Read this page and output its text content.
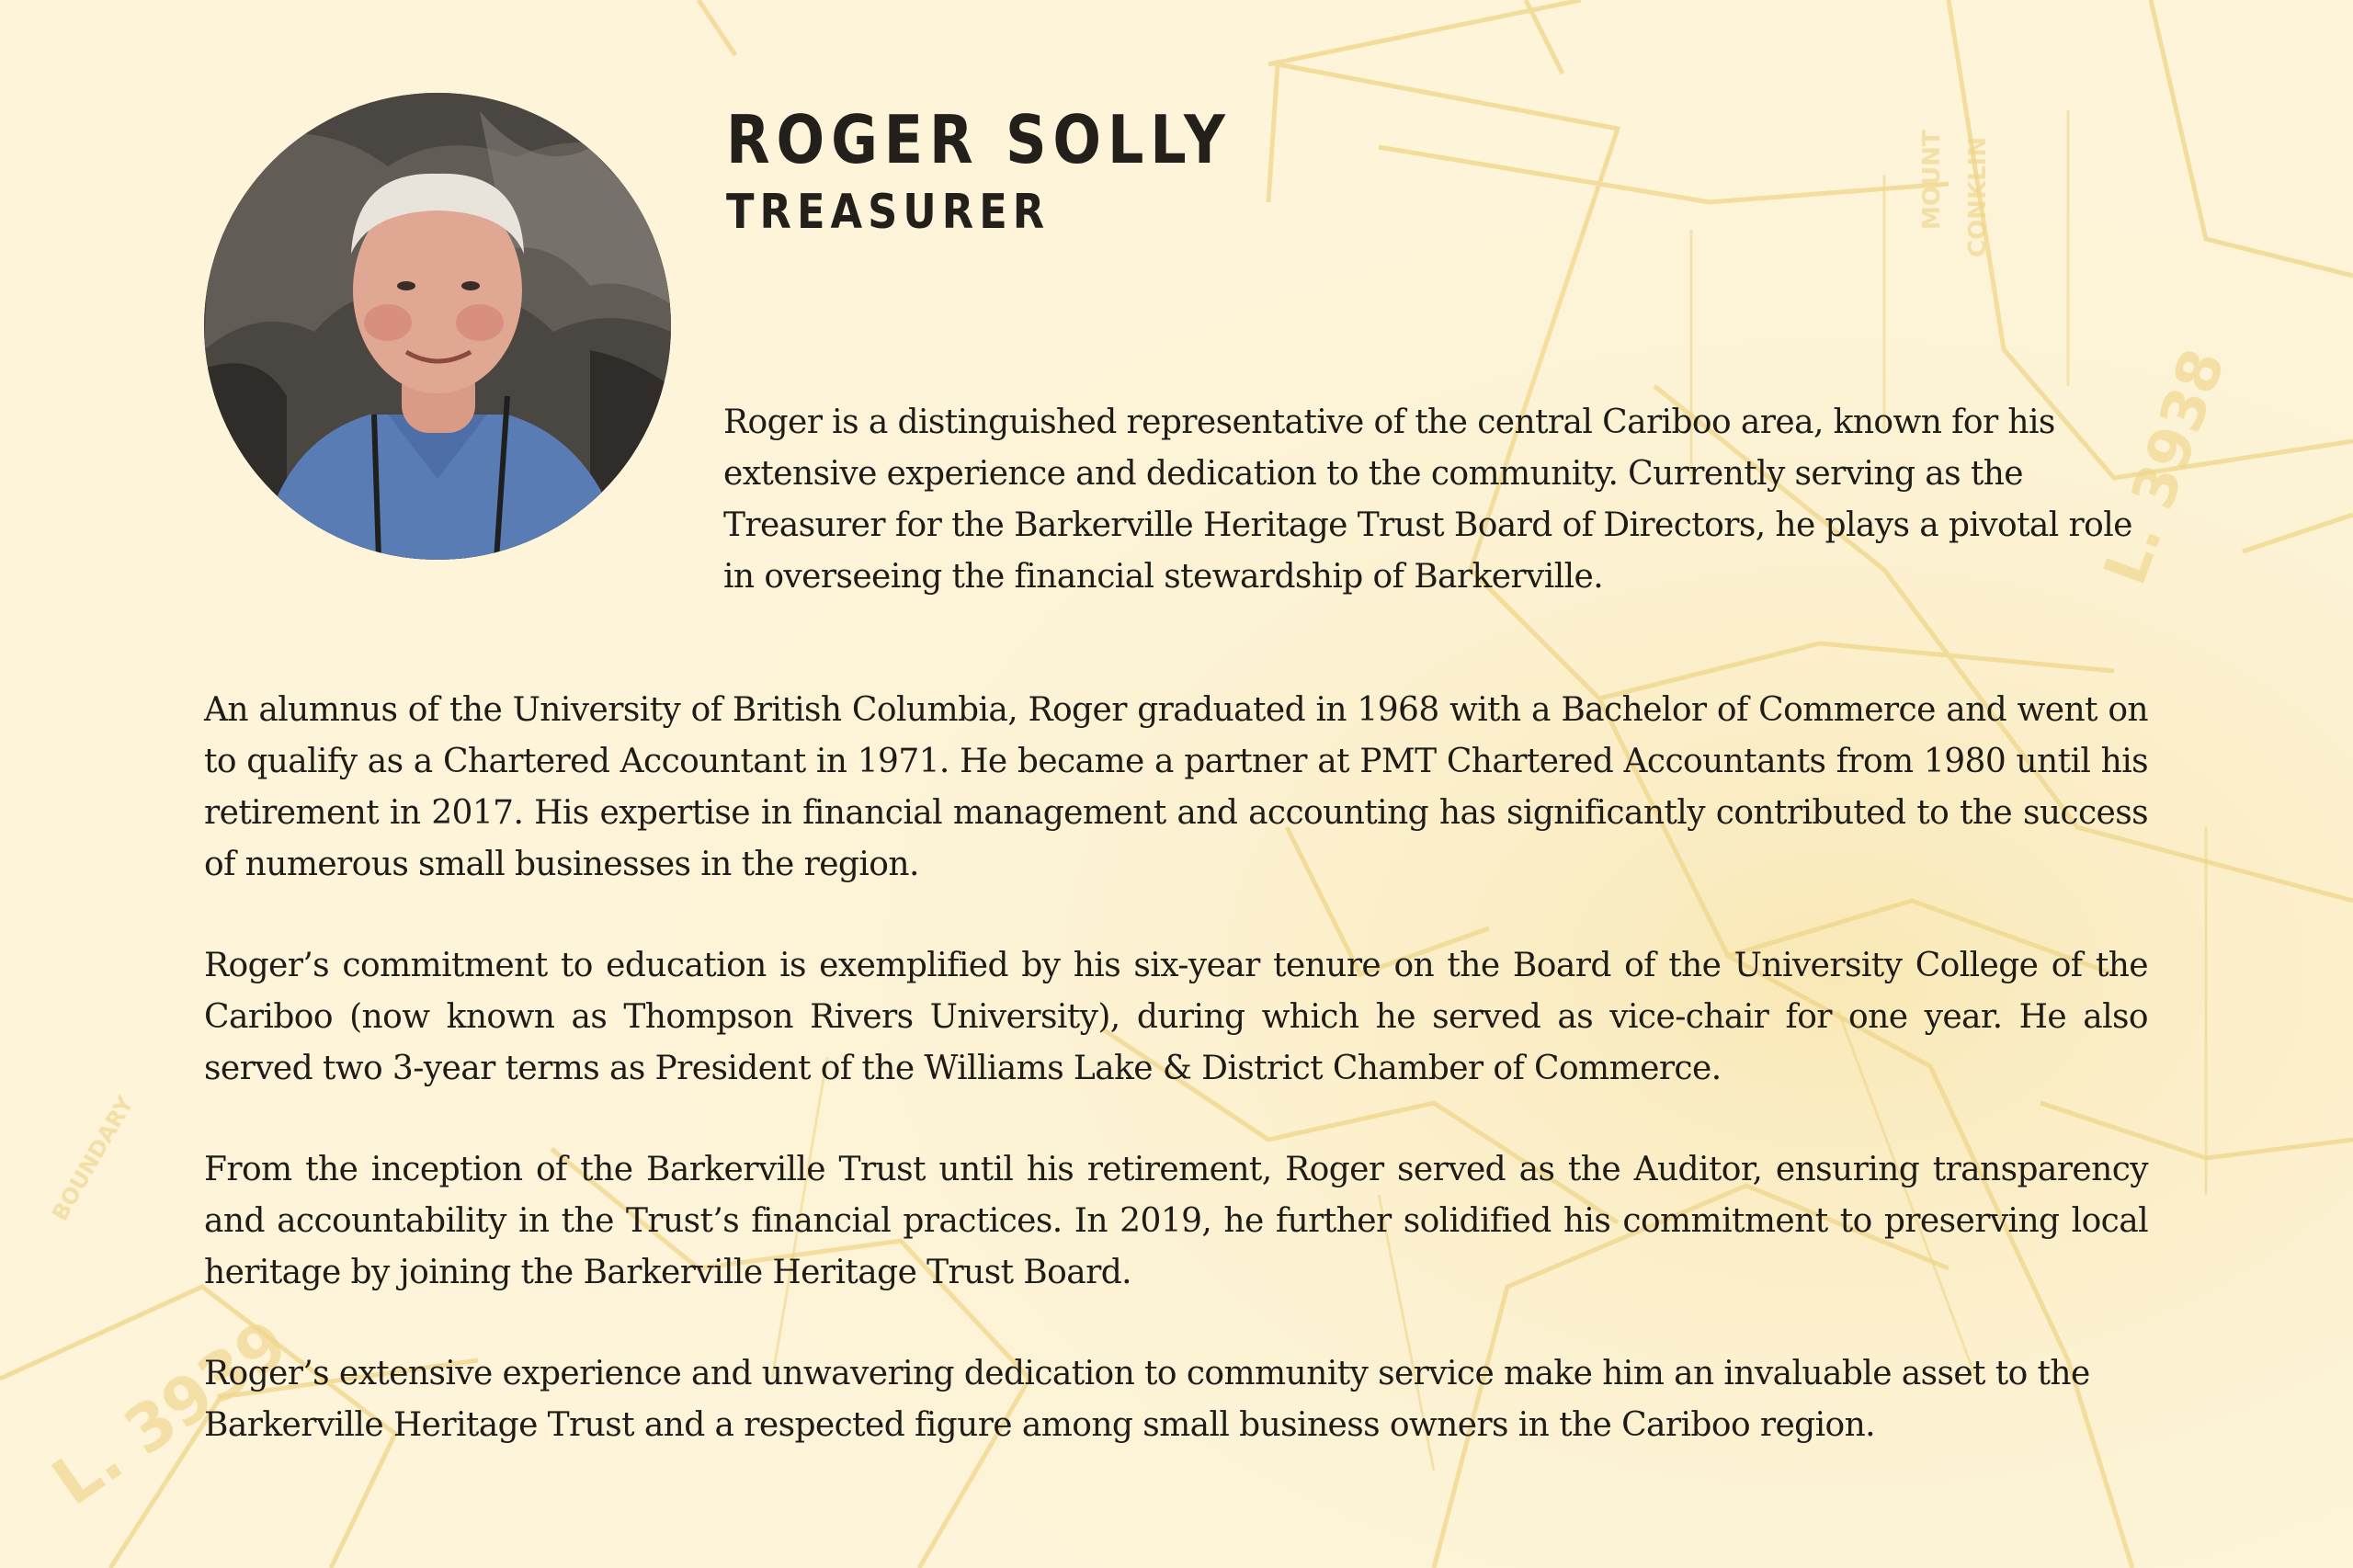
L. 3938
L. 3939
MOUNT CONKLIN
BOUNDARY
ROGER SOLLY
TREASURER

Roger is a distinguished representative of the central Cariboo area, known for his extensive experience and dedication to the community. Currently serving as the Treasurer for the Barkerville Heritage Trust Board of Directors, he plays a pivotal role in overseeing the financial stewardship of Barkerville.

An alumnus of the University of British Columbia, Roger graduated in 1968 with a Bachelor of Commerce and went on to qualify as a Chartered Accountant in 1971. He became a partner at PMT Chartered Accountants from 1980 until his retirement in 2017. His expertise in financial management and accounting has significantly contributed to the success of numerous small businesses in the region.

Roger’s commitment to education is exemplified by his six-year tenure on the Board of the University College of the Cariboo (now known as Thompson Rivers University), during which he served as vice-chair for one year. He also served two 3-year terms as President of the Williams Lake & District Chamber of Commerce.

From the inception of the Barkerville Trust until his retirement, Roger served as the Auditor, ensuring transparency and accountability in the Trust’s financial practices. In 2019, he further solidified his commitment to preserving local heritage by joining the Barkerville Heritage Trust Board.

Roger’s extensive experience and unwavering dedication to community service make him an invaluable asset to the Barkerville Heritage Trust and a respected figure among small business owners in the Cariboo region.
